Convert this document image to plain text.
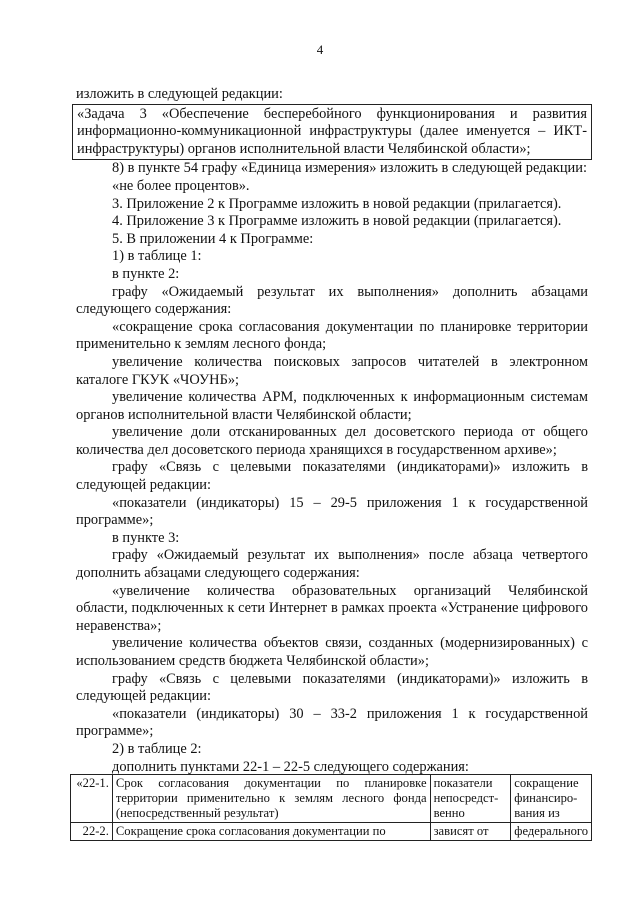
4

изложить в следующей редакции:

«Задача 3 «Обеспечение бесперебойного функционирования и развития информационно-коммуникационной инфраструктуры (далее именуется – ИКТ-инфраструктуры) органов исполнительной власти Челябинской области»;

8) в пункте 54 графу «Единица измерения» изложить в следующей редакции:

«не более процентов».

3. Приложение 2 к Программе изложить в новой редакции (прилагается).

4. Приложение 3 к Программе изложить в новой редакции (прилагается).

5. В приложении 4 к Программе:

1) в таблице 1:

в пункте 2:

графу «Ожидаемый результат их выполнения» дополнить абзацами следующего содержания:

«сокращение срока согласования документации по планировке территории применительно к землям лесного фонда;

увеличение количества поисковых запросов читателей в электронном каталоге ГКУК «ЧОУНБ»;

увеличение количества АРМ, подключенных к информационным системам органов исполнительной власти Челябинской области;

увеличение доли отсканированных дел досоветского периода от общего количества дел досоветского периода хранящихся в государственном архиве»;

графу «Связь с целевыми показателями (индикаторами)» изложить в следующей редакции:

«показатели (индикаторы) 15 – 29-5 приложения 1 к государственной программе»;

в пункте 3:

графу «Ожидаемый результат их выполнения» после абзаца четвертого дополнить абзацами следующего содержания:

«увеличение количества образовательных организаций Челябинской области, подключенных к сети Интернет в рамках проекта «Устранение цифрового неравенства»;

увеличение количества объектов связи, созданных (модернизированных) с использованием средств бюджета Челябинской области»;

графу «Связь с целевыми показателями (индикаторами)» изложить в следующей редакции:

«показатели (индикаторы) 30 – 33-2 приложения 1 к государственной программе»;

2) в таблице 2:

дополнить пунктами 22-1 – 22-5 следующего содержания:

«22-1.	Срок согласования документации по планировке территории применительно к землям лесного фонда (непосредственный результат)	показатели непосредст-венно	сокращение финансиро-вания из
22-2.	Сокращение срока согласования документации по	зависят от	федерального
